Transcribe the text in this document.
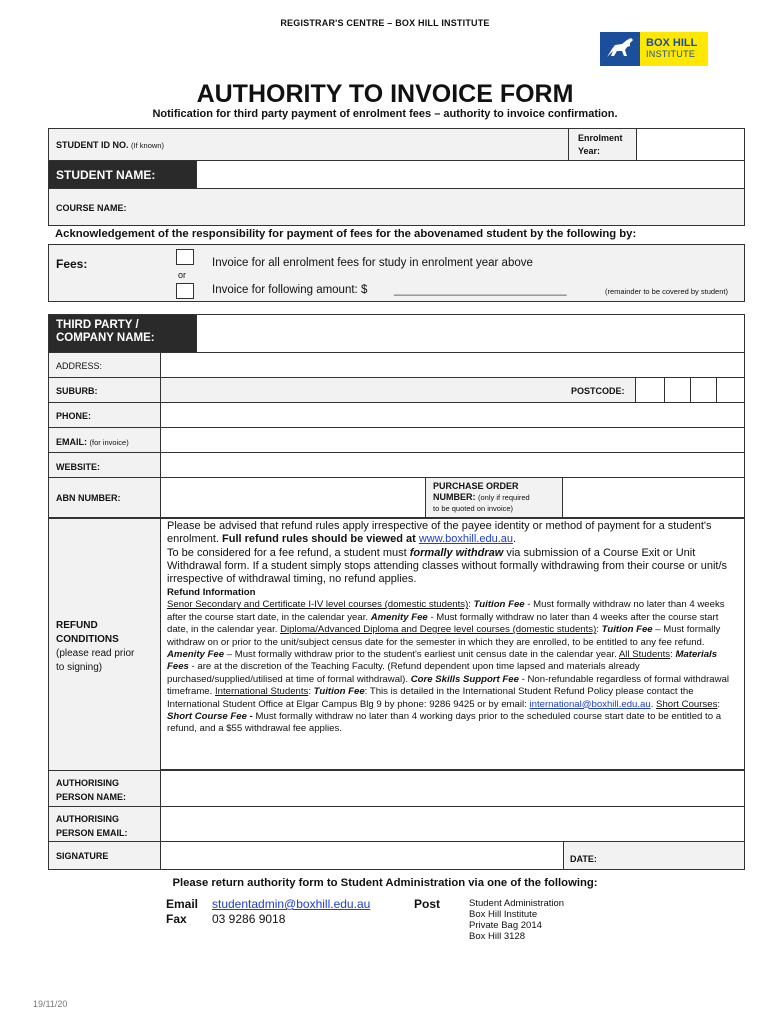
REGISTRAR'S CENTRE – BOX HILL INSTITUTE
BOX HILL
INSTITUTE
AUTHORITY TO INVOICE FORM
Notification for third party payment of enrolment fees – authority to invoice confirmation.
STUDENT ID NO. (If known)
Enrolment
Year:
STUDENT NAME:
COURSE NAME:
Acknowledgement of the responsibility for payment of fees for the abovenamed student by the following by:
Fees:
or
Invoice for all enrolment fees for study in enrolment year above
Invoice for following amount: $ ___________________________	(remainder to be covered by student)
THIRD PARTY /
COMPANY NAME:
ADDRESS:
SUBURB:	POSTCODE:
PHONE:
EMAIL: (for invoice)
WEBSITE:
ABN NUMBER:
PURCHASE ORDER
NUMBER: (only if required
to be quoted on invoice)
REFUND
CONDITIONS
(please read prior
to signing)
Please be advised that refund rules apply irrespective of the payee identity or method of payment for a student's enrolment. Full refund rules should be viewed at www.boxhill.edu.au.
To be considered for a fee refund, a student must formally withdraw via submission of a Course Exit or Unit Withdrawal form. If a student simply stops attending classes without formally withdrawing from their course or unit/s irrespective of withdrawal timing, no refund applies.
Refund Information
Senor Secondary and Certificate I-IV level courses (domestic students): Tuition Fee - Must formally withdraw no later than 4 weeks after the course start date, in the calendar year. Amenity Fee - Must formally withdraw no later than 4 weeks after the course start date, in the calendar year. Diploma/Advanced Diploma and Degree level courses (domestic students): Tuition Fee – Must formally withdraw on or prior to the unit/subject census date for the semester in which they are enrolled, to be entitled to any fee refund. Amenity Fee – Must formally withdraw prior to the student's earliest unit census date in the calendar year. All Students: Materials Fees - are at the discretion of the Teaching Faculty. (Refund dependent upon time lapsed and materials already purchased/supplied/utilised at time of formal withdrawal). Core Skills Support Fee - Non-refundable regardless of formal withdrawal timeframe. International Students: Tuition Fee: This is detailed in the International Student Refund Policy please contact the International Student Office at Elgar Campus Blg 9 by phone: 9286 9425 or by email: international@boxhill.edu.au. Short Courses: Short Course Fee - Must formally withdraw no later than 4 working days prior to the scheduled course start date to be entitled to a refund, and a $55 withdrawal fee applies.
AUTHORISING
PERSON NAME:
AUTHORISING
PERSON EMAIL:
SIGNATURE	DATE:
Please return authority form to Student Administration via one of the following:
Email studentadmin@boxhill.edu.au
Fax 03 9286 9018
Post	Student Administration
Box Hill Institute
Private Bag 2014
Box Hill 3128
19/11/20
